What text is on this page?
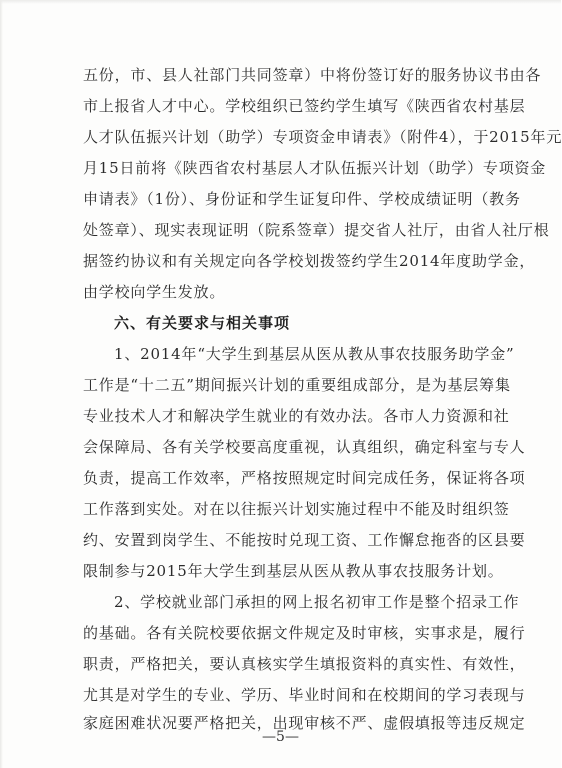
五份，市、县人社部门共同签章）中将份签订好的服务协议书由各
市上报省人才中心。学校组织已签约学生填写《陕西省农村基层
人才队伍振兴计划（助学）专项资金申请表》（附件4），于2015年元
月15日前将《陕西省农村基层人才队伍振兴计划（助学）专项资金
申请表》（1份）、身份证和学生证复印件、学校成绩证明（教务
处签章）、现实表现证明（院系签章）提交省人社厅，由省人社厅根
据签约协议和有关规定向各学校划拨签约学生2014年度助学金，
由学校向学生发放。
六、有关要求与相关事项
1、2014年“大学生到基层从医从教从事农技服务助学金”
工作是“十二五”期间振兴计划的重要组成部分，是为基层筹集
专业技术人才和解决学生就业的有效办法。各市人力资源和社
会保障局、各有关学校要高度重视，认真组织，确定科室与专人
负责，提高工作效率，严格按照规定时间完成任务，保证将各项
工作落到实处。对在以往振兴计划实施过程中不能及时组织签
约、安置到岗学生、不能按时兑现工资、工作懈怠拖沓的区县要
限制参与2015年大学生到基层从医从教从事农技服务计划。
2、学校就业部门承担的网上报名初审工作是整个招录工作
的基础。各有关院校要依据文件规定及时审核，实事求是，履行
职责，严格把关，要认真核实学生填报资料的真实性、有效性，
尤其是对学生的专业、学历、毕业时间和在校期间的学习表现与
家庭困难状况要严格把关，出现审核不严、虚假填报等违反规定
—5—
